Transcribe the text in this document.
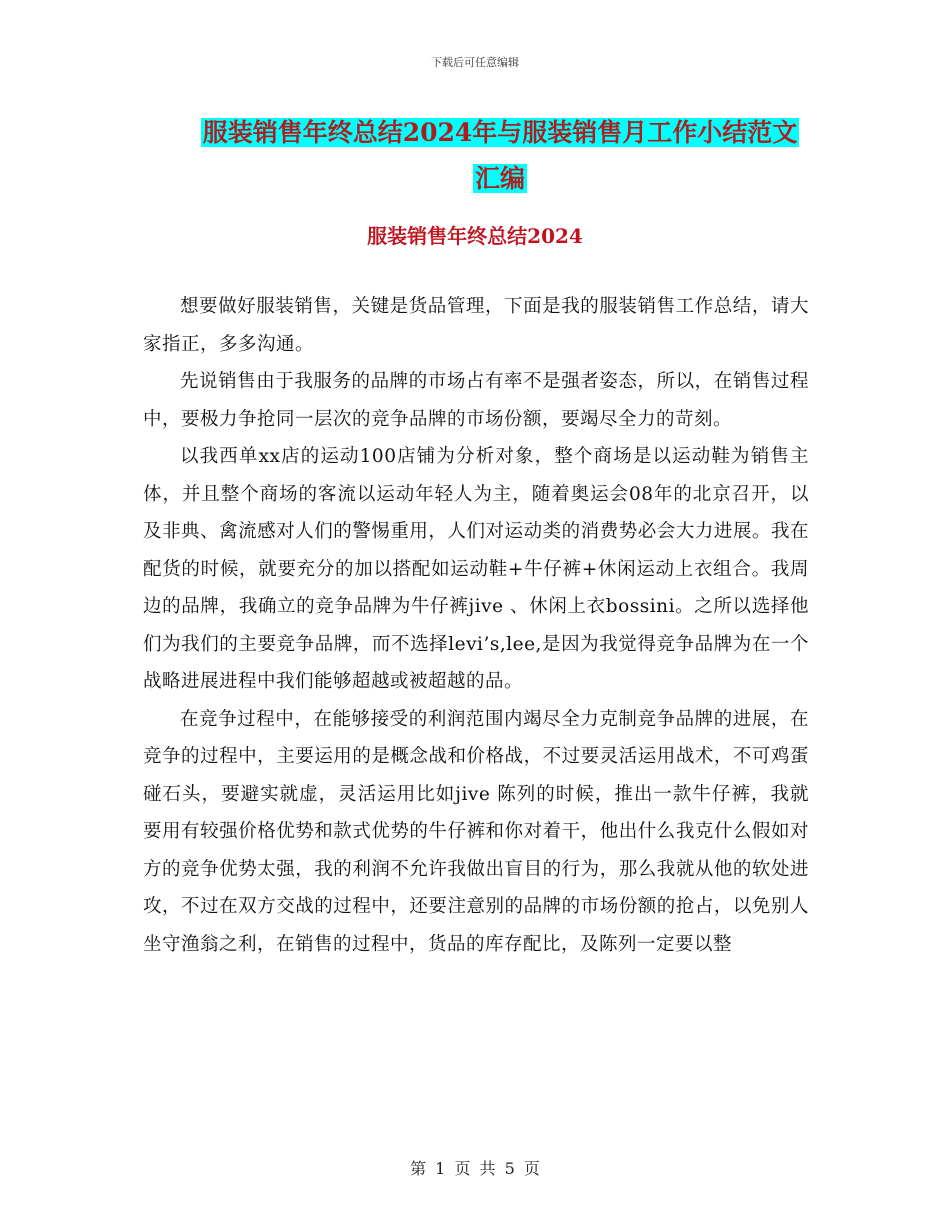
下载后可任意编辑
服装销售年终总结2024年与服装销售月工作小结范文
汇编
服装销售年终总结2024

想要做好服装销售，关键是货品管理，下面是我的服装销售工作总结，请大家指正，多多沟通。

先说销售由于我服务的品牌的市场占有率不是强者姿态，所以，在销售过程中，要极力争抢同一层次的竞争品牌的市场份额，要竭尽全力的苛刻。

以我西单xx店的运动100店铺为分析对象，整个商场是以运动鞋为销售主体，并且整个商场的客流以运动年轻人为主，随着奥运会08年的北京召开，以及非典、禽流感对人们的警惕重用，人们对运动类的消费势必会大力进展。我在配货的时候，就要充分的加以搭配如运动鞋+牛仔裤+休闲运动上衣组合。我周边的品牌，我确立的竞争品牌为牛仔裤jive 、休闲上衣bossini。之所以选择他们为我们的主要竞争品牌，而不选择levi’s,lee,是因为我觉得竞争品牌为在一个战略进展进程中我们能够超越或被超越的品。

在竞争过程中，在能够接受的利润范围内竭尽全力克制竞争品牌的进展，在竞争的过程中，主要运用的是概念战和价格战，不过要灵活运用战术，不可鸡蛋碰石头，要避实就虚，灵活运用比如jive 陈列的时候，推出一款牛仔裤，我就要用有较强价格优势和款式优势的牛仔裤和你对着干，他出什么我克什么假如对方的竞争优势太强，我的利润不允许我做出盲目的行为，那么我就从他的软处进攻，不过在双方交战的过程中，还要注意别的品牌的市场份额的抢占，以免别人坐守渔翁之利，在销售的过程中，货品的库存配比，及陈列一定要以整

第 1 页 共 5 页
